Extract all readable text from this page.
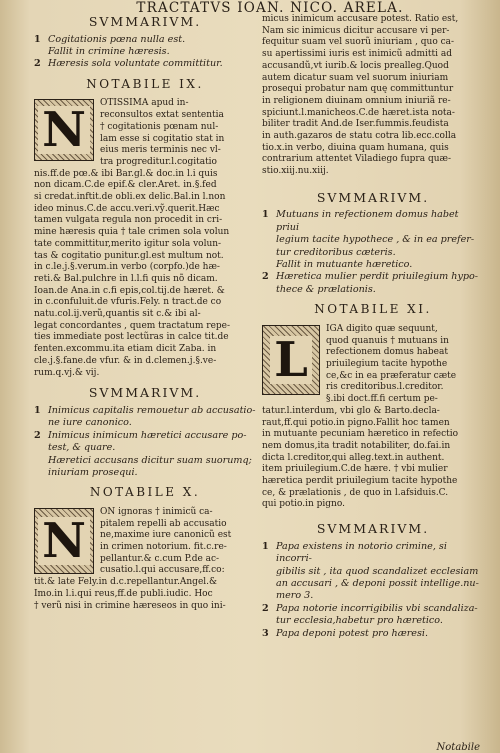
TRACTATVS IOAN. NICO. ARELA.
SVMMARIVM.

1 Cogitationis pœna nulla est.

Fallit in crimine hæresis.

2 Hæresis sola voluntate committitur.

NOTABILE IX.
N	OTISSIMA apud in-
reconsultos extat sententia
† cogitationis pœnam nul-
lam esse si cogitatio stat in
eius meris terminis nec vl-
tra progreditur.l.cogitatio
nis.ff.de pœ.& ibi Bar.gl.& doc.in l.i quis
non dicam.C.de epif.& cler.Aret. in.§.fed
si credat.inftit.de obli.ex delic.Bal.in l.non
ideo minus.C.de accu.veri.vỹ.querit.Hæc
tamen vulgata regula non procedit in cri-
mine hæresis quia † tale crimen sola volun
tate committitur,merito igitur sola volun-
tas & cogitatio punitur.gl.est multum not.
in c.le.j.§.verum.in verbo (corpfo.)de hæ-
reti.& Bal.pulchre in l.l.fi quis nõ dicam.
Ioan.de Ana.in c.fi epis,col.tij.de hæret. &
in c.confuluit.de vfuris.Fely. n tract.de co
natu.col.ij.verũ,quantis sit c.& ibi al-
legat concordantes , quem tractatum repe-
ties immediate post lectũras in calce tit.de
fenten.excommu.ita etiam dicit Zaba. in
cle.j.§.fane.de vfur. & in d.clemen.j.§.ve-
rum.q.vj.& vij.
SVMMARIVM.

1 Inimicus capitalis remouetur ab accusatio-

ne iure canonico.

2 Inimicus inimicum hæretici accusare po-

test, & quare.

Hæretici accusans dicitur suam suorumq;

iniuriam prosequi.

NOTABILE X.
N
ON ignoras † inimicũ ca-
pitalem repelli ab accusatio
ne,maxime iure canonicũ est
in crimen notorium. fit.c.re-
pellantur.& c.cum P.de ac-
cusatio.l.qui accusare,ff.co:
tit.& late Fely.in d.c.repellantur.Angel.&
Imo.in l.i.qui reus,ff.de publi.iudic. Hoc
† verũ nisi in crimine hæreseos in quo ini-
micus inimicum accusare potest. Ratio est,
Nam sic inimicus dicitur accusare vi per-
fequitur suam vel suorũ iniuriam , quo ca-
su apertissimi iuris est inimicũ admitti ad
accusandũ,vt iurib.& locis prealleg.Quod
autem dicatur suam vel suorum iniuriam
prosequi probatur nam quę committuntur
in religionem diuinam omnium iniuriã re-
spiciunt.l.manicheos.C.de hæret.ista nota-
biliter tradit And.de Iser.fummis.feudista
in auth.gazaros de statu cotra lib.ecc.colla
tio.x.in verbo, diuina quam humana, quis
contrarium attentet Viladiego fupra quæ-
stio.xiij.nu.xiij.
SVMMARIVM.

1 Mutuans in refectionem domus habet priui

legium tacite hypothece , & in ea prefer-

tur creditoribus cæteris.

Fallit in mutuante hæretico.

2 Hæretica mulier perdit priuilegium hypo-

thece & prælationis.

NOTABILE XI.
L
IGA digito quæ sequunt,
quod quanuis † mutuans in
refectionem domus habeat
priuilegium tacite hypothe
ce,&c in ea præferatur cæte
ris creditoribus.l.creditor.
§.ibi doct.ff.fi certum pe-
tatur.l.interdum, vbi glo & Barto.decla-
raut,ff.qui potio.in pigno.Fallit hoc tamen
in mutuante pecuniam hæretico in refectio
nem domus,ita tradit notabiliter, do.fai.in
dicta l.creditor,qui alleg.text.in authent.
item priuilegium.C.de hære. † vbi mulier
hæretica perdit priuilegium tacite hypothe
ce, & prælationis , de quo in l.afsiduis.C.
qui potio.in pigno.
SVMMARIVM.

1 Papa existens in notorio crimine, si incorri-

gibilis sit , ita quod scandalizet ecclesiam

an accusari , & deponi possit intellige.nu-

mero 3.

2 Papa notorie incorrigibilis vbi scandaliza-

tur ecclesia,habetur pro hæretico.

3 Papa deponi potest pro hæresi.

Notabile
